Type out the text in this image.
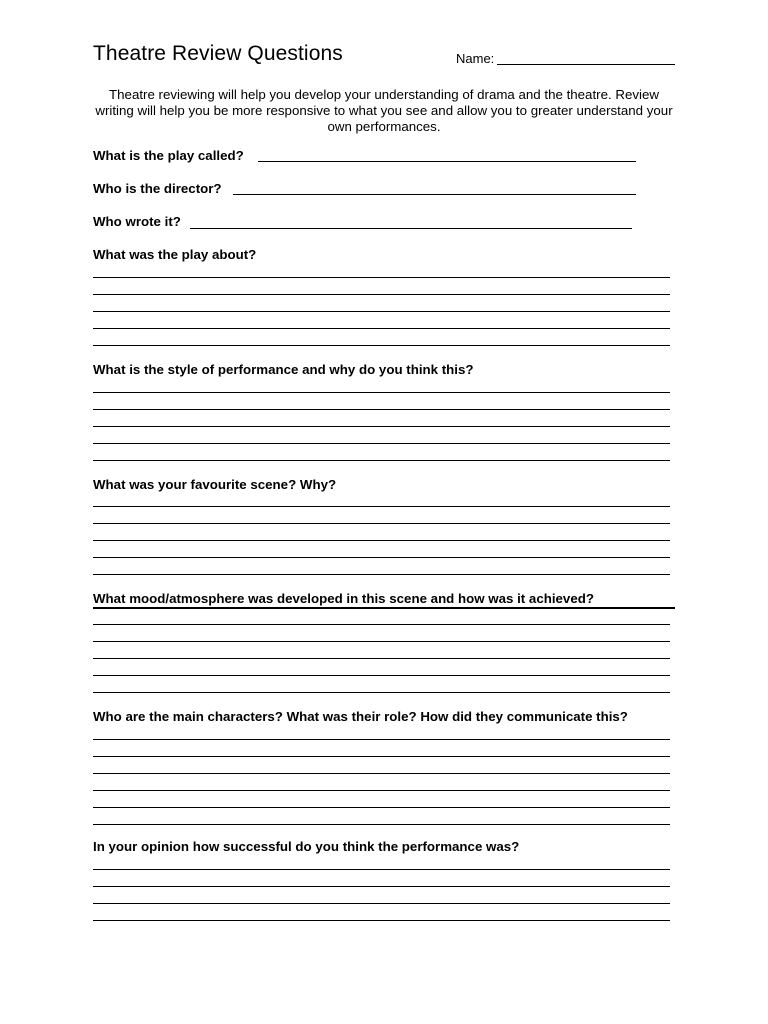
Theatre Review Questions	Name:
Theatre reviewing will help you develop your understanding of drama and the theatre. Review writing will help you be more responsive to what you see and allow you to greater understand your own performances.
What is the play called?
Who is the director?
Who wrote it?
What was the play about?
What is the style of performance and why do you think this?
What was your favourite scene? Why?
What mood/atmosphere was developed in this scene and how was it achieved?
Who are the main characters? What was their role? How did they communicate this?
In your opinion how successful do you think the performance was?
